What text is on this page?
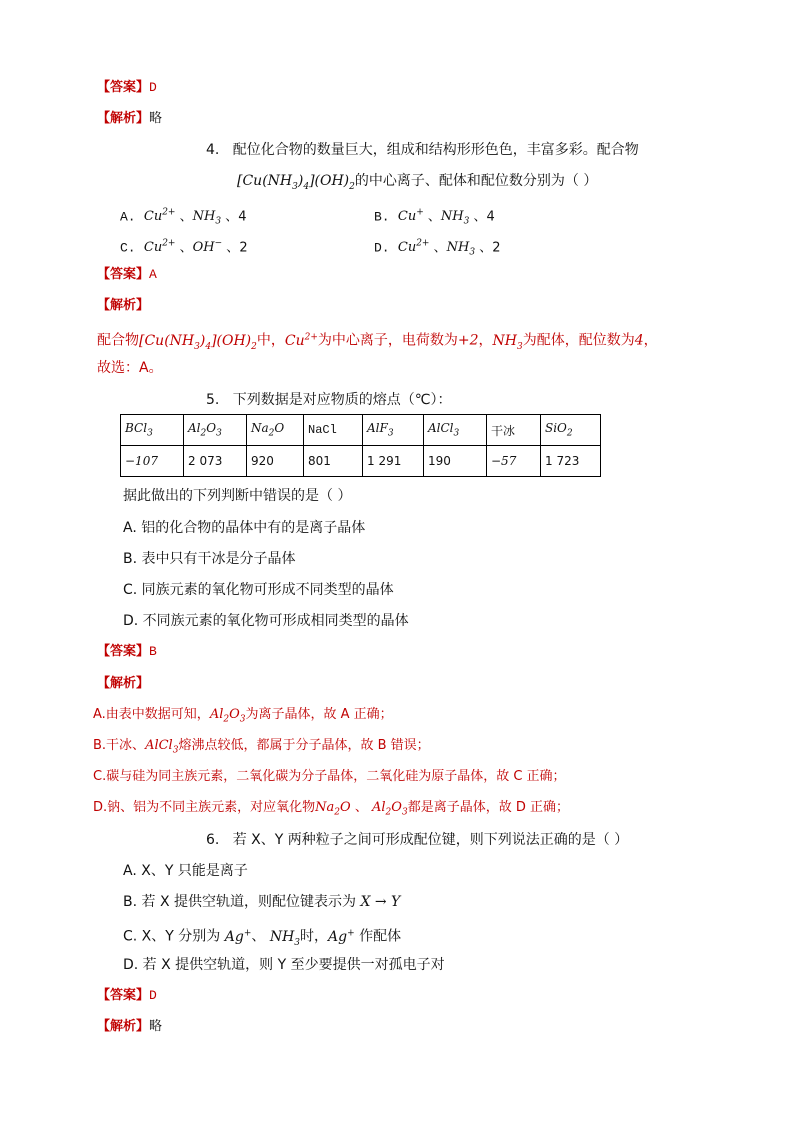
【答案】D
【解析】略
4. 配位化合物的数量巨大，组成和结构形形色色，丰富多彩。配合物
$[Cu(NH_3)_4](OH)_2$的中心离子、配体和配位数分别为（ ）
A. $Cu^{2+}$ 、$NH_3$ 、4	B. Cu+ 、$NH_3$ 、4
C. $Cu^{2+}$ 、OH− 、2	D. $Cu^{2+}$ 、$NH_3$ 、2
【答案】A
【解析】
配合物$[Cu(NH_3)_4](OH)_2$中，$Cu^{2+}$为中心离子，电荷数为+2，$NH_3$为配体，配位数为4，
故选：A。
5. 下列数据是对应物质的熔点（℃）：
BCl$_3$	$Al_2O_3$	$Na_2O$	NaCl	AlF$_3$	AlCl$_3$	干冰	SiO$_2$
−107	2 073	920	801	1 291	190	−57	1 723
据此做出的下列判断中错误的是（ ）
A. 铝的化合物的晶体中有的是离子晶体
B. 表中只有干冰是分子晶体
C. 同族元素的氧化物可形成不同类型的晶体
D. 不同族元素的氧化物可形成相同类型的晶体
【答案】B
【解析】
A.由表中数据可知，$Al_2O_3$为离子晶体，故 A 正确；
B.干冰、AlCl$_3$熔沸点较低，都属于分子晶体，故 B 错误；
C.碳与硅为同主族元素，二氧化碳为分子晶体，二氧化硅为原子晶体，故 C 正确；
D.钠、铝为不同主族元素，对应氧化物$Na_2O$ 、 $Al_2O_3$都是离子晶体，故 D 正确；
6. 若 X、Y 两种粒子之间可形成配位键，则下列说法正确的是（ ）
A. X、Y 只能是离子
B. 若 X 提供空轨道，则配位键表示为 X → Y
C. X、Y 分别为 Ag+、 $NH_3$时，Ag+ 作配体
D. 若 X 提供空轨道，则 Y 至少要提供一对孤电子对
【答案】D
【解析】略
